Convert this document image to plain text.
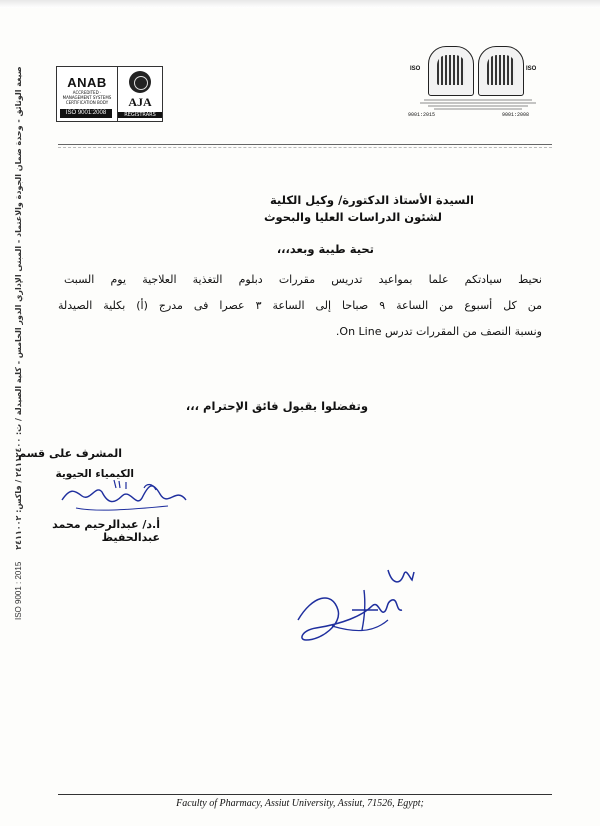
ANAB
ACCREDITED · MANAGEMENT SYSTEMS CERTIFICATION BODY
ISO 9001:2008
AJA
REGISTRARS
ISO	ISO
9001:2015	9001:2008
ISO 9001 : 2015
صيغة الوثائق - وحدة ضمان الجودة والاعتماد - المبنى الإداري الدور الخامس - كلية الصيدلة / ت: ٢٤١١٢٤٠٠ / فاكس: ٢٤١١٠٠٢	السيدة الأستاذ الدكتورة/ وكيل الكلية
لشئون الدراسات العليا والبحوث
تحية طيبة وبعد،،،
نحيط سيادتكم علما بمواعيد تدريس مقررات دبلوم التغذية العلاجية يوم السبت
من كل أسبوع من الساعة ٩ صباحا إلى الساعة ٣ عصرا فى مدرج (أ) بكلية الصيدلة
ونسبة النصف من المقررات تدرس On Line.
وتفضلوا بقبول فائق الإحترام ،،،
المشرف على قسم
الكيمياء الحيوية
أ.د/ عبدالرحيم محمد عبدالحفيظ
Faculty of Pharmacy, Assiut University, Assiut, 71526, Egypt;
